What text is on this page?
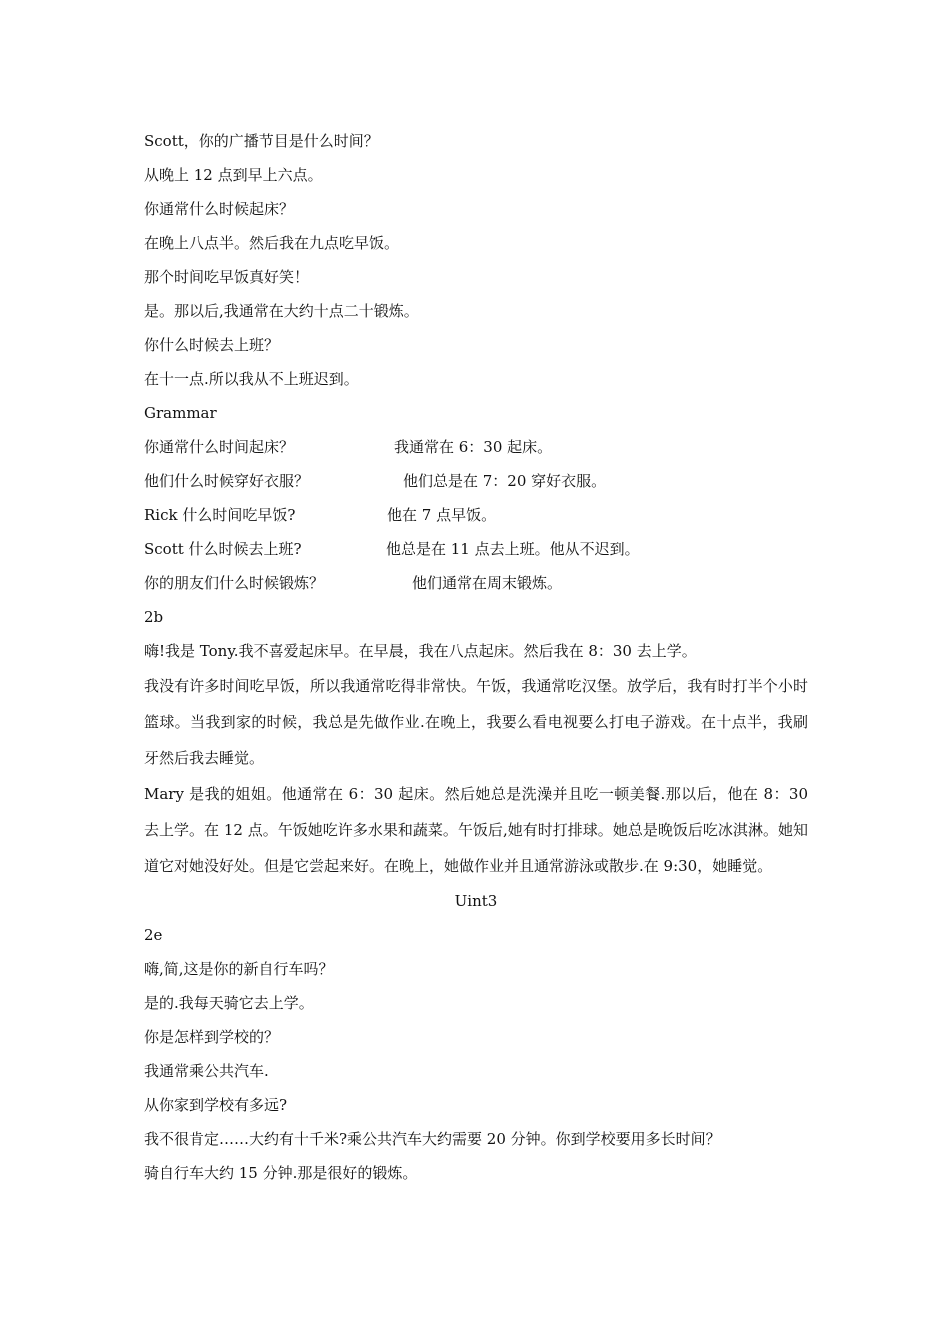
Scott，你的广播节目是什么时间？
从晚上 12 点到早上六点。
你通常什么时候起床？
在晚上八点半。然后我在九点吃早饭。
那个时间吃早饭真好笑！
是。那以后,我通常在大约十点二十锻炼。
你什么时候去上班？
在十一点.所以我从不上班迟到。
Grammar
你通常什么时间起床？	我通常在 6：30 起床。
他们什么时候穿好衣服？	他们总是在 7：20 穿好衣服。
Rick 什么时间吃早饭?	他在 7 点早饭。
Scott 什么时候去上班?	他总是在 11 点去上班。他从不迟到。
你的朋友们什么时候锻炼？	他们通常在周末锻炼。
2b
嗨!我是 Tony.我不喜爱起床早。在早晨，我在八点起床。然后我在 8：30 去上学。

我没有许多时间吃早饭，所以我通常吃得非常快。午饭，我通常吃汉堡。放学后，我有时打半个小时篮球。当我到家的时候，我总是先做作业.在晚上，我要么看电视要么打电子游戏。在十点半，我刷牙然后我去睡觉。

Mary 是我的姐姐。他通常在 6：30 起床。然后她总是洗澡并且吃一顿美餐.那以后，他在 8：30 去上学。在 12 点。午饭她吃许多水果和蔬菜。午饭后,她有时打排球。她总是晚饭后吃冰淇淋。她知道它对她没好处。但是它尝起来好。在晚上，她做作业并且通常游泳或散步.在 9:30，她睡觉。

Uint3
2e
嗨,简,这是你的新自行车吗？
是的.我每天骑它去上学。
你是怎样到学校的？
我通常乘公共汽车.
从你家到学校有多远?
我不很肯定……大约有十千米?乘公共汽车大约需要 20 分钟。你到学校要用多长时间？
骑自行车大约 15 分钟.那是很好的锻炼。
